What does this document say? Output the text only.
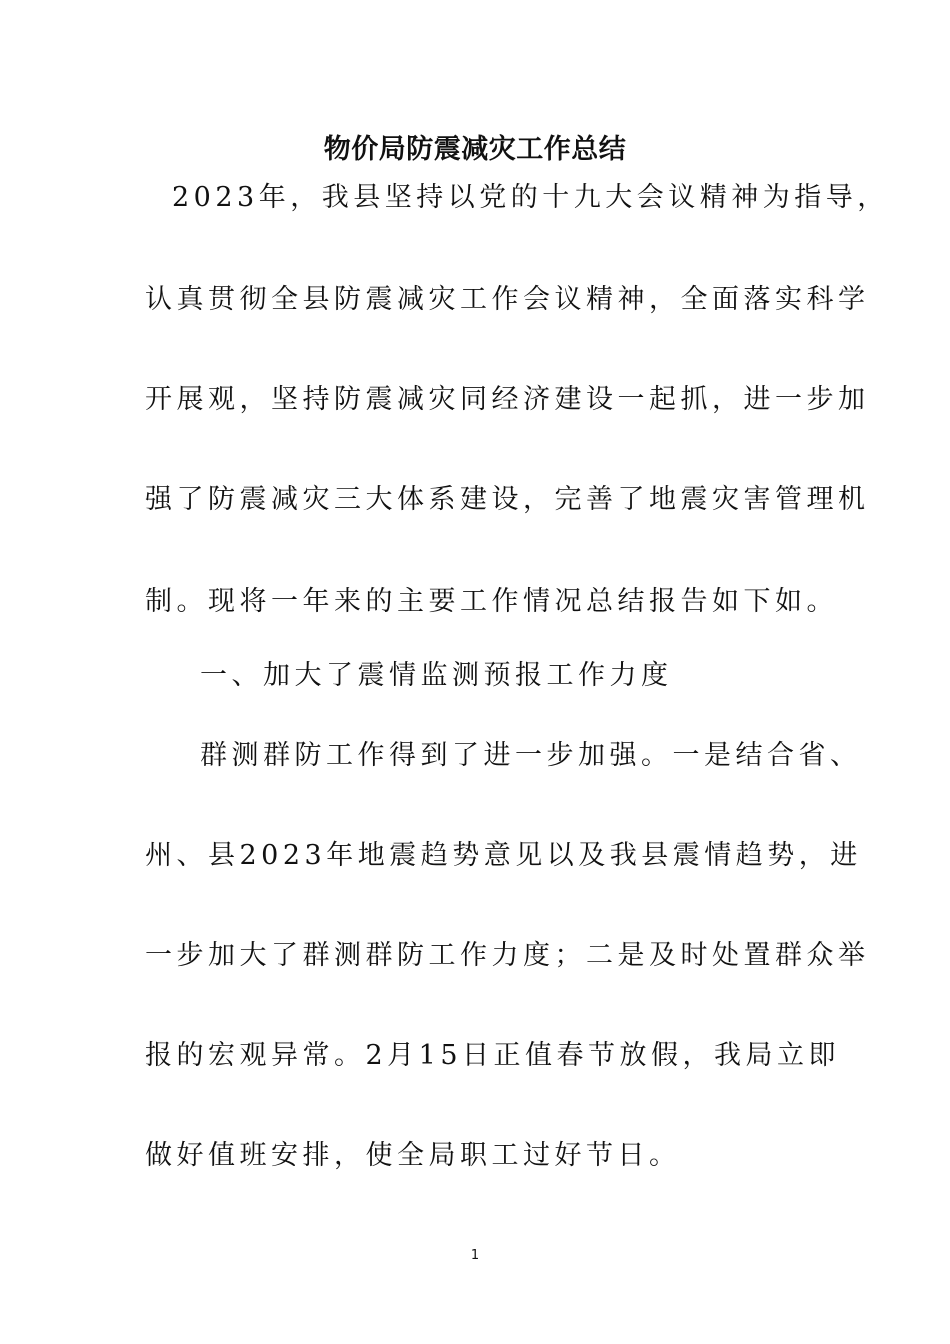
物价局防震减灾工作总结
2023年，我县坚持以党的十九大会议精神为指导，
认真贯彻全县防震减灾工作会议精神，全面落实科学
开展观，坚持防震减灾同经济建设一起抓，进一步加
强了防震减灾三大体系建设，完善了地震灾害管理机
制。现将一年来的主要工作情况总结报告如下如。
一、加大了震情监测预报工作力度
群测群防工作得到了进一步加强。一是结合省、
州、县2023年地震趋势意见以及我县震情趋势，进
一步加大了群测群防工作力度；二是及时处置群众举
报的宏观异常。2月15日正值春节放假，我局立即
做好值班安排，使全局职工过好节日。
1
